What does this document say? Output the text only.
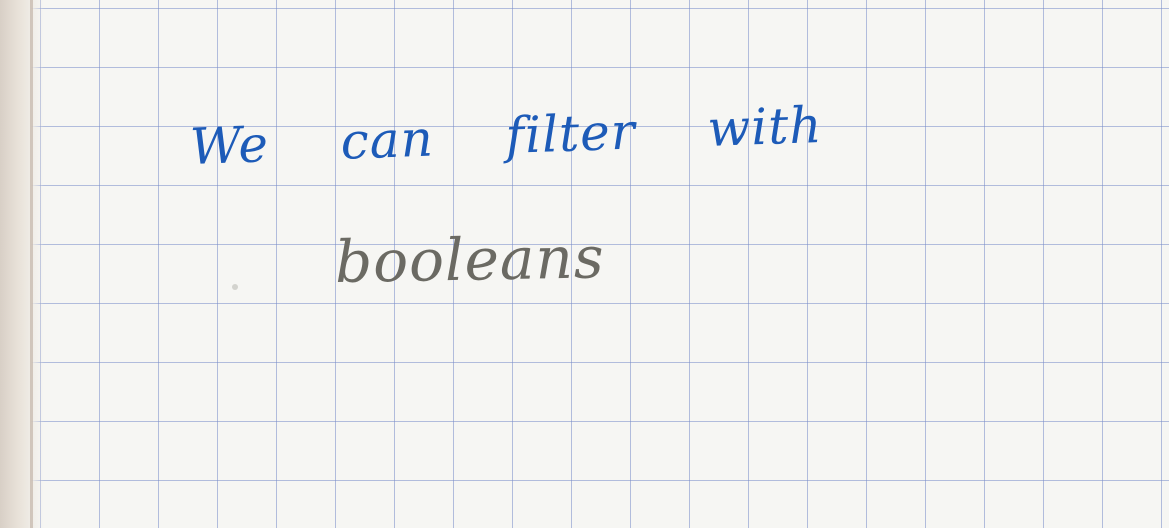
We can filter with
booleans
